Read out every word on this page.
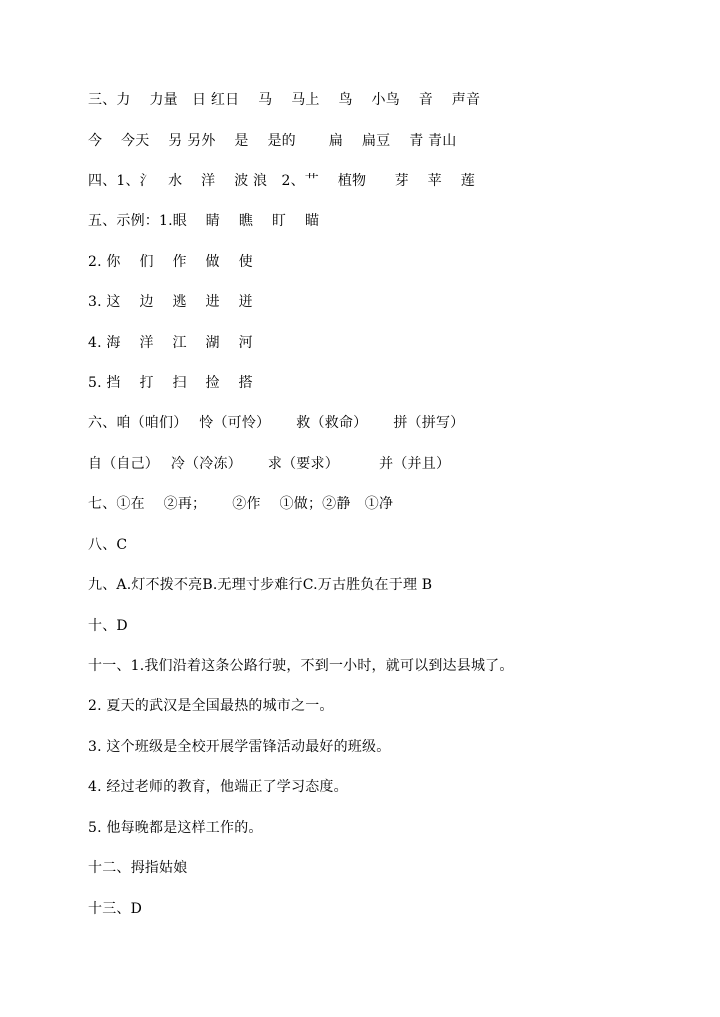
三、力　 力量　日 红日　 马　 马上　 鸟　 小鸟　 音　 声音
今　 今天　 另 另外　 是　 是的　　 扁　 扁豆　 青 青山
四、1、氵　水　 洋　 波 浪　2、艹　 植物　　芽　 苹　 莲
五、示例：1.眼　 睛　 瞧　 盯　 瞄
2. 你　 们　 作　 做　 使
3. 这　 边　 逃　 进　 迸
4. 海　 洋　 江　 湖　 河
5. 挡　 打　 扫　 捡　 搭
六、咱（咱们）　 怜（可怜）　　 救（救命）　　 拼（拼写）
自（自己）　 冷（冷冻）　　 求（要求）　　　 并（并且）
七、①在　 ②再；　　 ②作　 ①做；②静　①净
八、C
九、A.灯不拨不亮B.无理寸步难行C.万古胜负在于理 B
十、D
十一、1.我们沿着这条公路行驶，不到一小时，就可以到达县城了。
2. 夏天的武汉是全国最热的城市之一。
3. 这个班级是全校开展学雷锋活动最好的班级。
4. 经过老师的教育，他端正了学习态度。
5. 他每晚都是这样工作的。
十二、拇指姑娘
十三、D
